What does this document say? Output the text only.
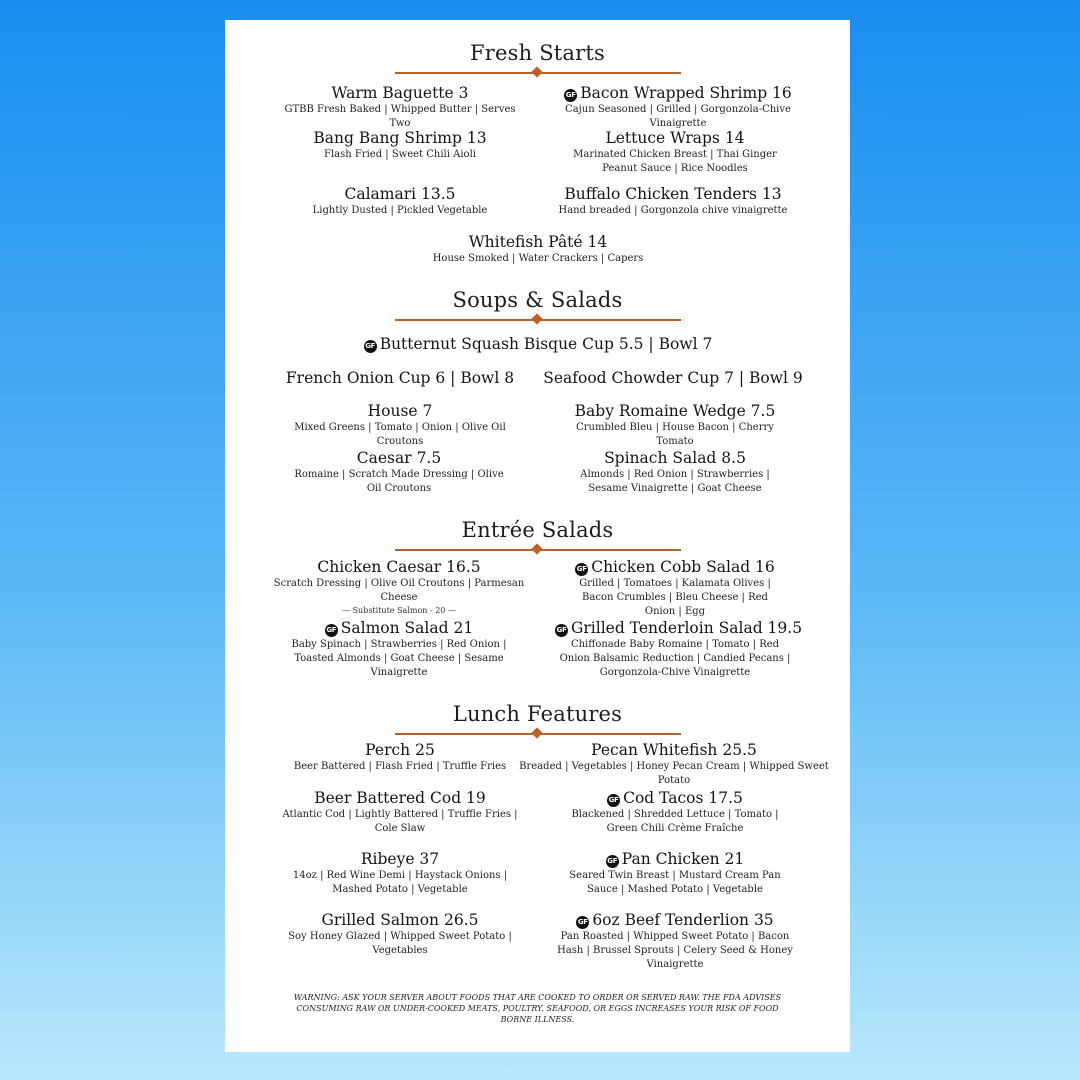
Fresh Starts
Warm Baguette 3
GTBB Fresh Baked | Whipped Butter | Serves Two
GF Bacon Wrapped Shrimp 16
Cajun Seasoned | Grilled | Gorgonzola-Chive Vinaigrette
Bang Bang Shrimp 13
Flash Fried | Sweet Chili Aioli
Lettuce Wraps 14
Marinated Chicken Breast | Thai Ginger Peanut Sauce | Rice Noodles
Calamari 13.5
Lightly Dusted | Pickled Vegetable
Buffalo Chicken Tenders 13
Hand breaded | Gorgonzola chive vinaigrette
Whitefish Pâté 14
House Smoked | Water Crackers | Capers
Soups & Salads
GF Butternut Squash Bisque Cup 5.5 | Bowl 7
French Onion Cup 6 | Bowl 8	Seafood Chowder Cup 7 | Bowl 9
House 7
Mixed Greens | Tomato | Onion | Olive Oil Croutons
Baby Romaine Wedge 7.5
Crumbled Bleu | House Bacon | Cherry Tomato
Caesar 7.5
Romaine | Scratch Made Dressing | Olive Oil Croutons
Spinach Salad 8.5
Almonds | Red Onion | Strawberries | Sesame Vinaigrette | Goat Cheese
Entrée Salads
Chicken Caesar 16.5
Scratch Dressing | Olive Oil Croutons | Parmesan Cheese
— Substitute Salmon - 20 —
GF Chicken Cobb Salad 16
Grilled | Tomatoes | Kalamata Olives | Bacon Crumbles | Bleu Cheese | Red Onion | Egg
GF Salmon Salad 21
Baby Spinach | Strawberries | Red Onion | Toasted Almonds | Goat Cheese | Sesame Vinaigrette
GF Grilled Tenderloin Salad 19.5
Chiffonade Baby Romaine | Tomato | Red Onion Balsamic Reduction | Candied Pecans | Gorgonzola-Chive Vinaigrette
Lunch Features
Perch 25
Beer Battered | Flash Fried | Truffle Fries
Pecan Whitefish 25.5
Breaded | Vegetables | Honey Pecan Cream | Whipped Sweet Potato
Beer Battered Cod 19
Atlantic Cod | Lightly Battered | Truffle Fries | Cole Slaw
GF Cod Tacos 17.5
Blackened | Shredded Lettuce | Tomato | Green Chili Crème Fraîche
Ribeye 37
14oz | Red Wine Demi | Haystack Onions | Mashed Potato | Vegetable
GF Pan Chicken 21
Seared Twin Breast | Mustard Cream Pan Sauce | Mashed Potato | Vegetable
Grilled Salmon 26.5
Soy Honey Glazed | Whipped Sweet Potato | Vegetables
GF 6oz Beef Tenderlion 35
Pan Roasted | Whipped Sweet Potato | Bacon Hash | Brussel Sprouts | Celery Seed & Honey Vinaigrette
WARNING: ASK YOUR SERVER ABOUT FOODS THAT ARE COOKED TO ORDER OR SERVED RAW. THE FDA ADVISES CONSUMING RAW OR UNDER-COOKED MEATS, POULTRY, SEAFOOD, OR EGGS INCREASES YOUR RISK OF FOOD BORNE ILLNESS.
